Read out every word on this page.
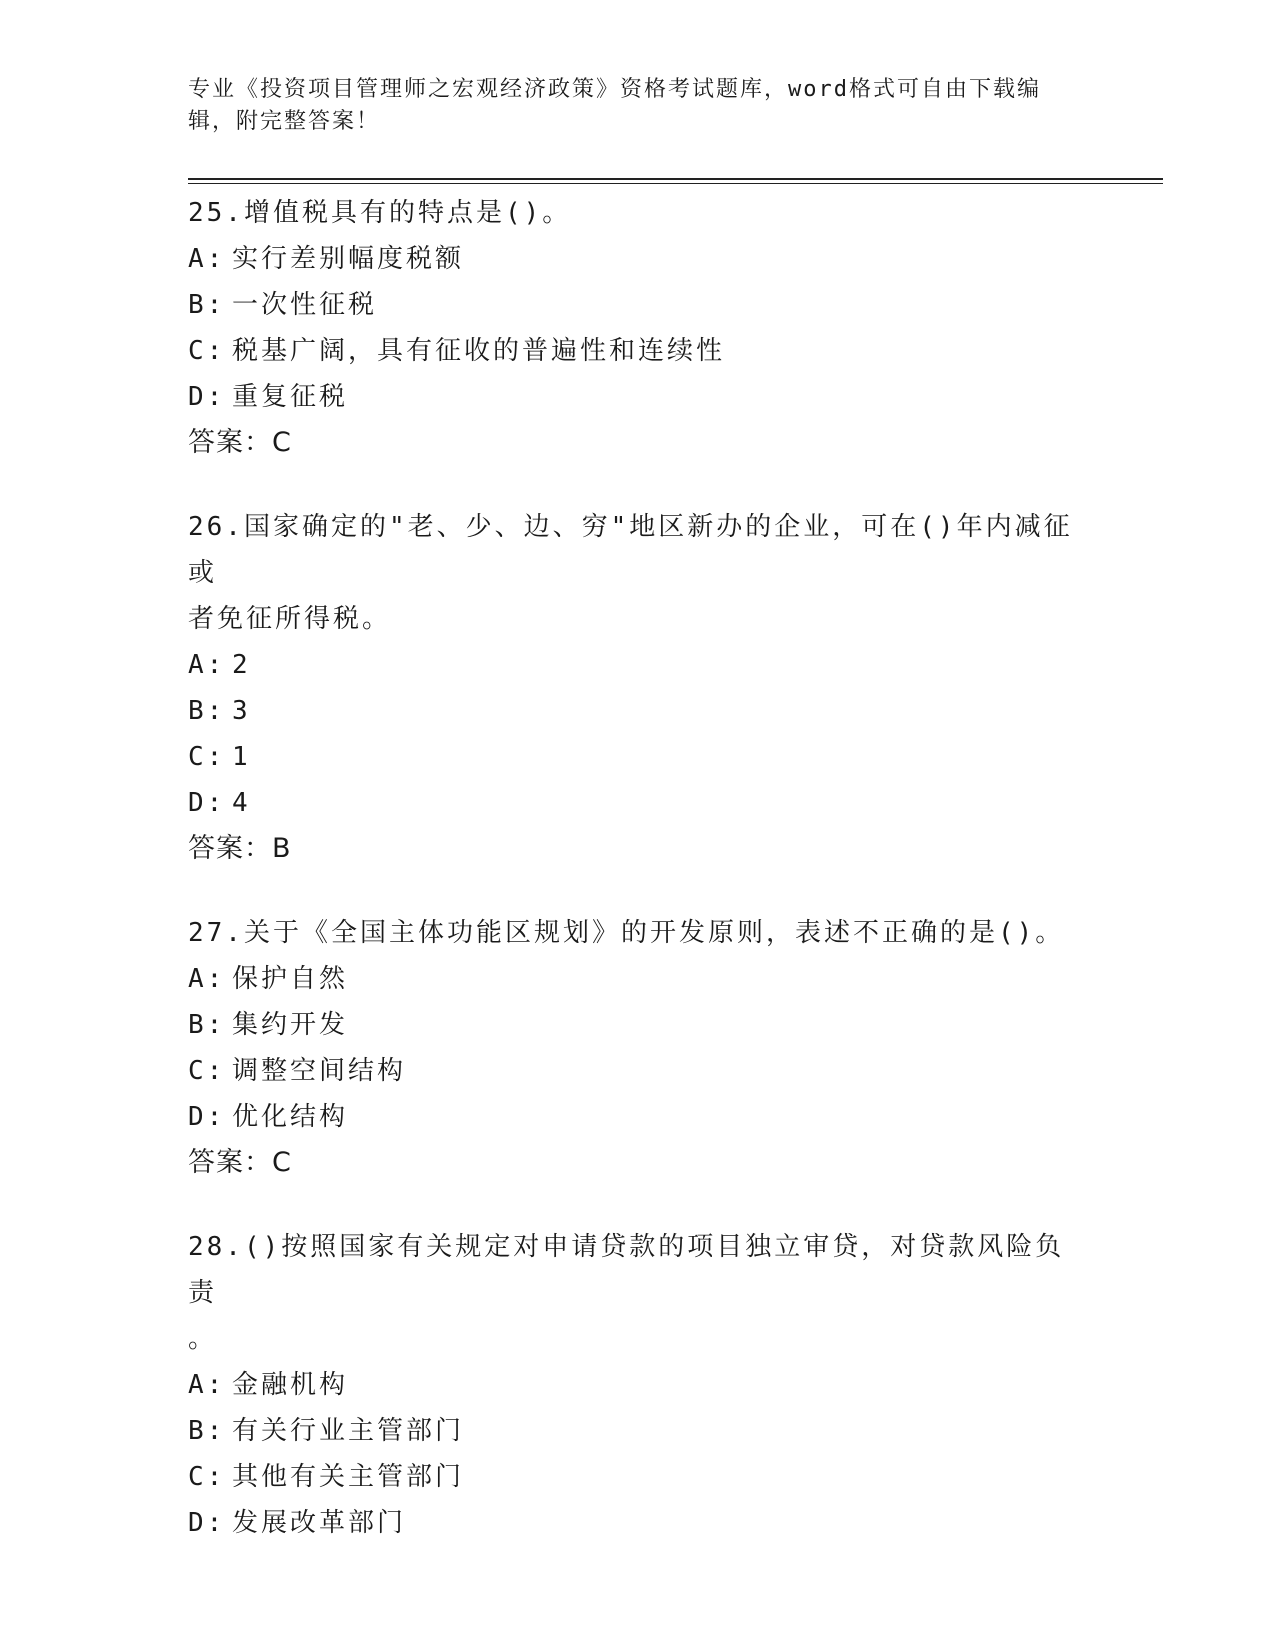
专业《投资项目管理师之宏观经济政策》资格考试题库，word格式可自由下载编
辑，附完整答案！
25.增值税具有的特点是()。
A: 实行差别幅度税额
B: 一次性征税
C: 税基广阔，具有征收的普遍性和连续性
D: 重复征税
答案：C
26.国家确定的"老、少、边、穷"地区新办的企业，可在()年内减征或
者免征所得税。
A: 2
B: 3
C: 1
D: 4
答案：B
27.关于《全国主体功能区规划》的开发原则，表述不正确的是()。
A: 保护自然
B: 集约开发
C: 调整空间结构
D: 优化结构
答案：C
28.()按照国家有关规定对申请贷款的项目独立审贷，对贷款风险负责
。
A: 金融机构
B: 有关行业主管部门
C: 其他有关主管部门
D: 发展改革部门
